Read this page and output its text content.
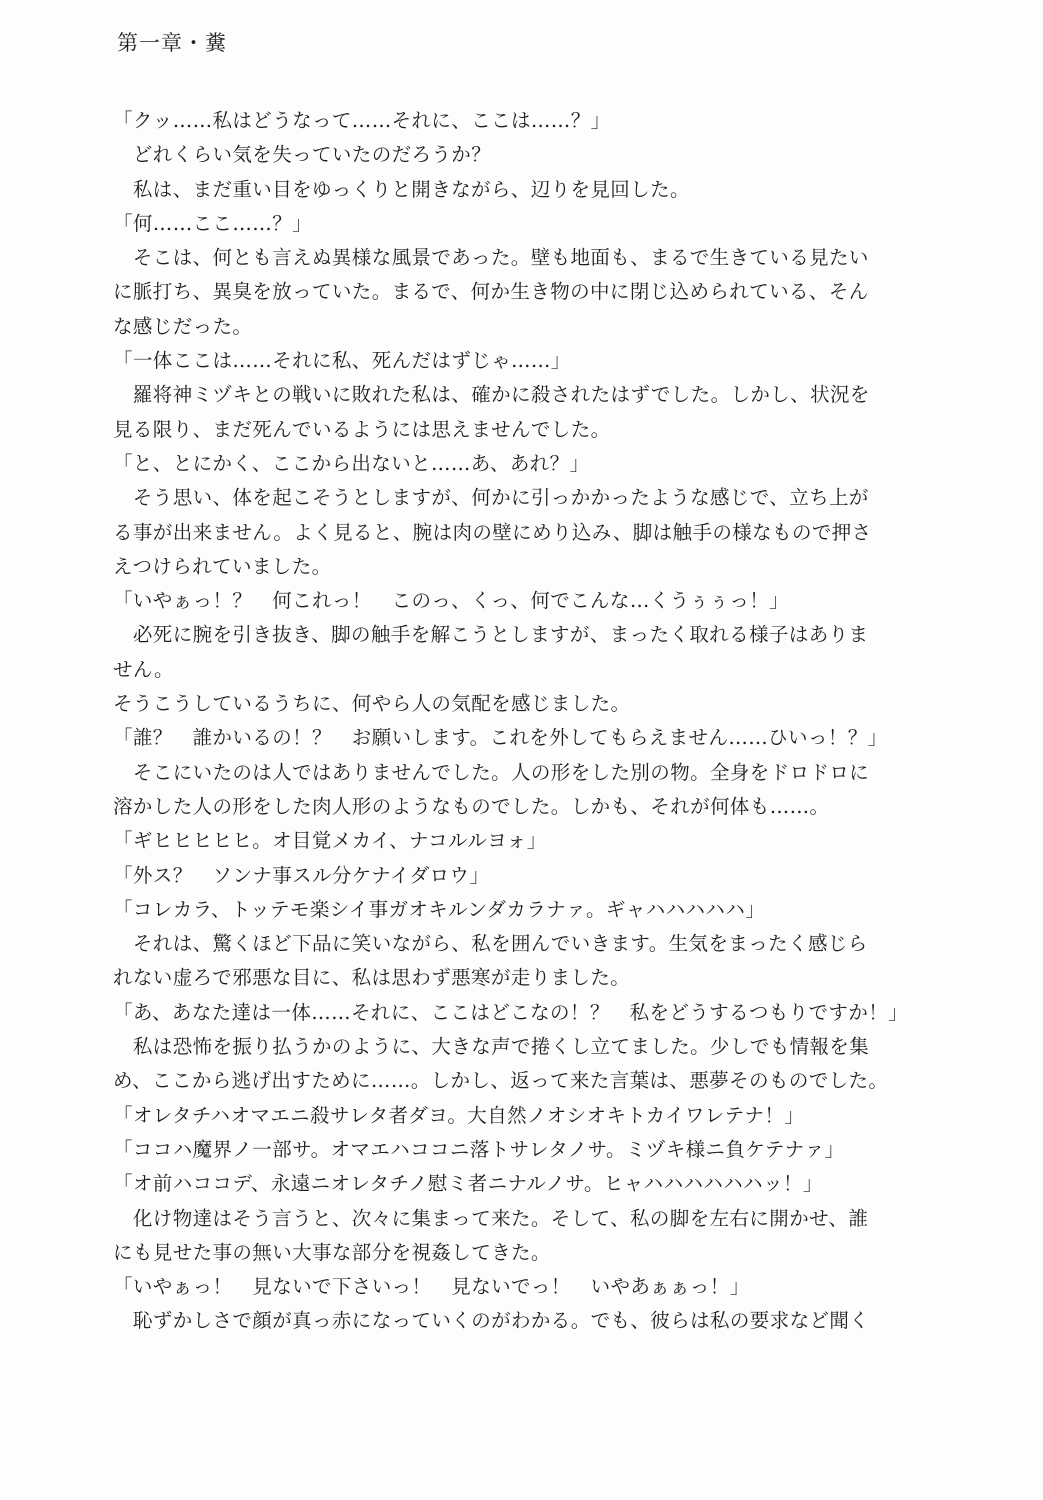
第一章・糞
「クッ……私はどうなって……それに、ここは……？」
　どれくらい気を失っていたのだろうか？
　私は、まだ重い目をゆっくりと開きながら、辺りを見回した。
「何……ここ……？」
　そこは、何とも言えぬ異様な風景であった。壁も地面も、まるで生きている見たい
に脈打ち、異臭を放っていた。まるで、何か生き物の中に閉じ込められている、そん
な感じだった。
「一体ここは……それに私、死んだはずじゃ……」
　羅将神ミヅキとの戦いに敗れた私は、確かに殺されたはずでした。しかし、状況を
見る限り、まだ死んでいるようには思えませんでした。
「と、とにかく、ここから出ないと……あ、あれ？」
　そう思い、体を起こそうとしますが、何かに引っかかったような感じで、立ち上が
る事が出来ません。よく見ると、腕は肉の壁にめり込み、脚は触手の様なもので押さ
えつけられていました。
「いやぁっ！？　何これっ！　このっ、くっ、何でこんな…くうぅぅっ！」
　必死に腕を引き抜き、脚の触手を解こうとしますが、まったく取れる様子はありま
せん。
そうこうしているうちに、何やら人の気配を感じました。
「誰？　誰かいるの！？　お願いします。これを外してもらえません……ひいっ！？」
　そこにいたのは人ではありませんでした。人の形をした別の物。全身をドロドロに
溶かした人の形をした肉人形のようなものでした。しかも、それが何体も……。
「ギヒヒヒヒヒ。オ目覚メカイ、ナコルルヨォ」
「外ス？　ソンナ事スル分ケナイダロウ」
「コレカラ、トッテモ楽シイ事ガオキルンダカラナァ。ギャハハハハハ」
　それは、驚くほど下品に笑いながら、私を囲んでいきます。生気をまったく感じら
れない虚ろで邪悪な目に、私は思わず悪寒が走りました。
「あ、あなた達は一体……それに、ここはどこなの！？　私をどうするつもりですか！」
　私は恐怖を振り払うかのように、大きな声で捲くし立てました。少しでも情報を集
め、ここから逃げ出すために……。しかし、返って来た言葉は、悪夢そのものでした。
「オレタチハオマエニ殺サレタ者ダヨ。大自然ノオシオキトカイワレテナ！」
「ココハ魔界ノ一部サ。オマエハココニ落トサレタノサ。ミヅキ様ニ負ケテナァ」
「オ前ハココデ、永遠ニオレタチノ慰ミ者ニナルノサ。ヒャハハハハハハッ！」
　化け物達はそう言うと、次々に集まって来た。そして、私の脚を左右に開かせ、誰
にも見せた事の無い大事な部分を視姦してきた。
「いやぁっ！　見ないで下さいっ！　見ないでっ！　いやあぁぁっ！」
　恥ずかしさで顔が真っ赤になっていくのがわかる。でも、彼らは私の要求など聞く
